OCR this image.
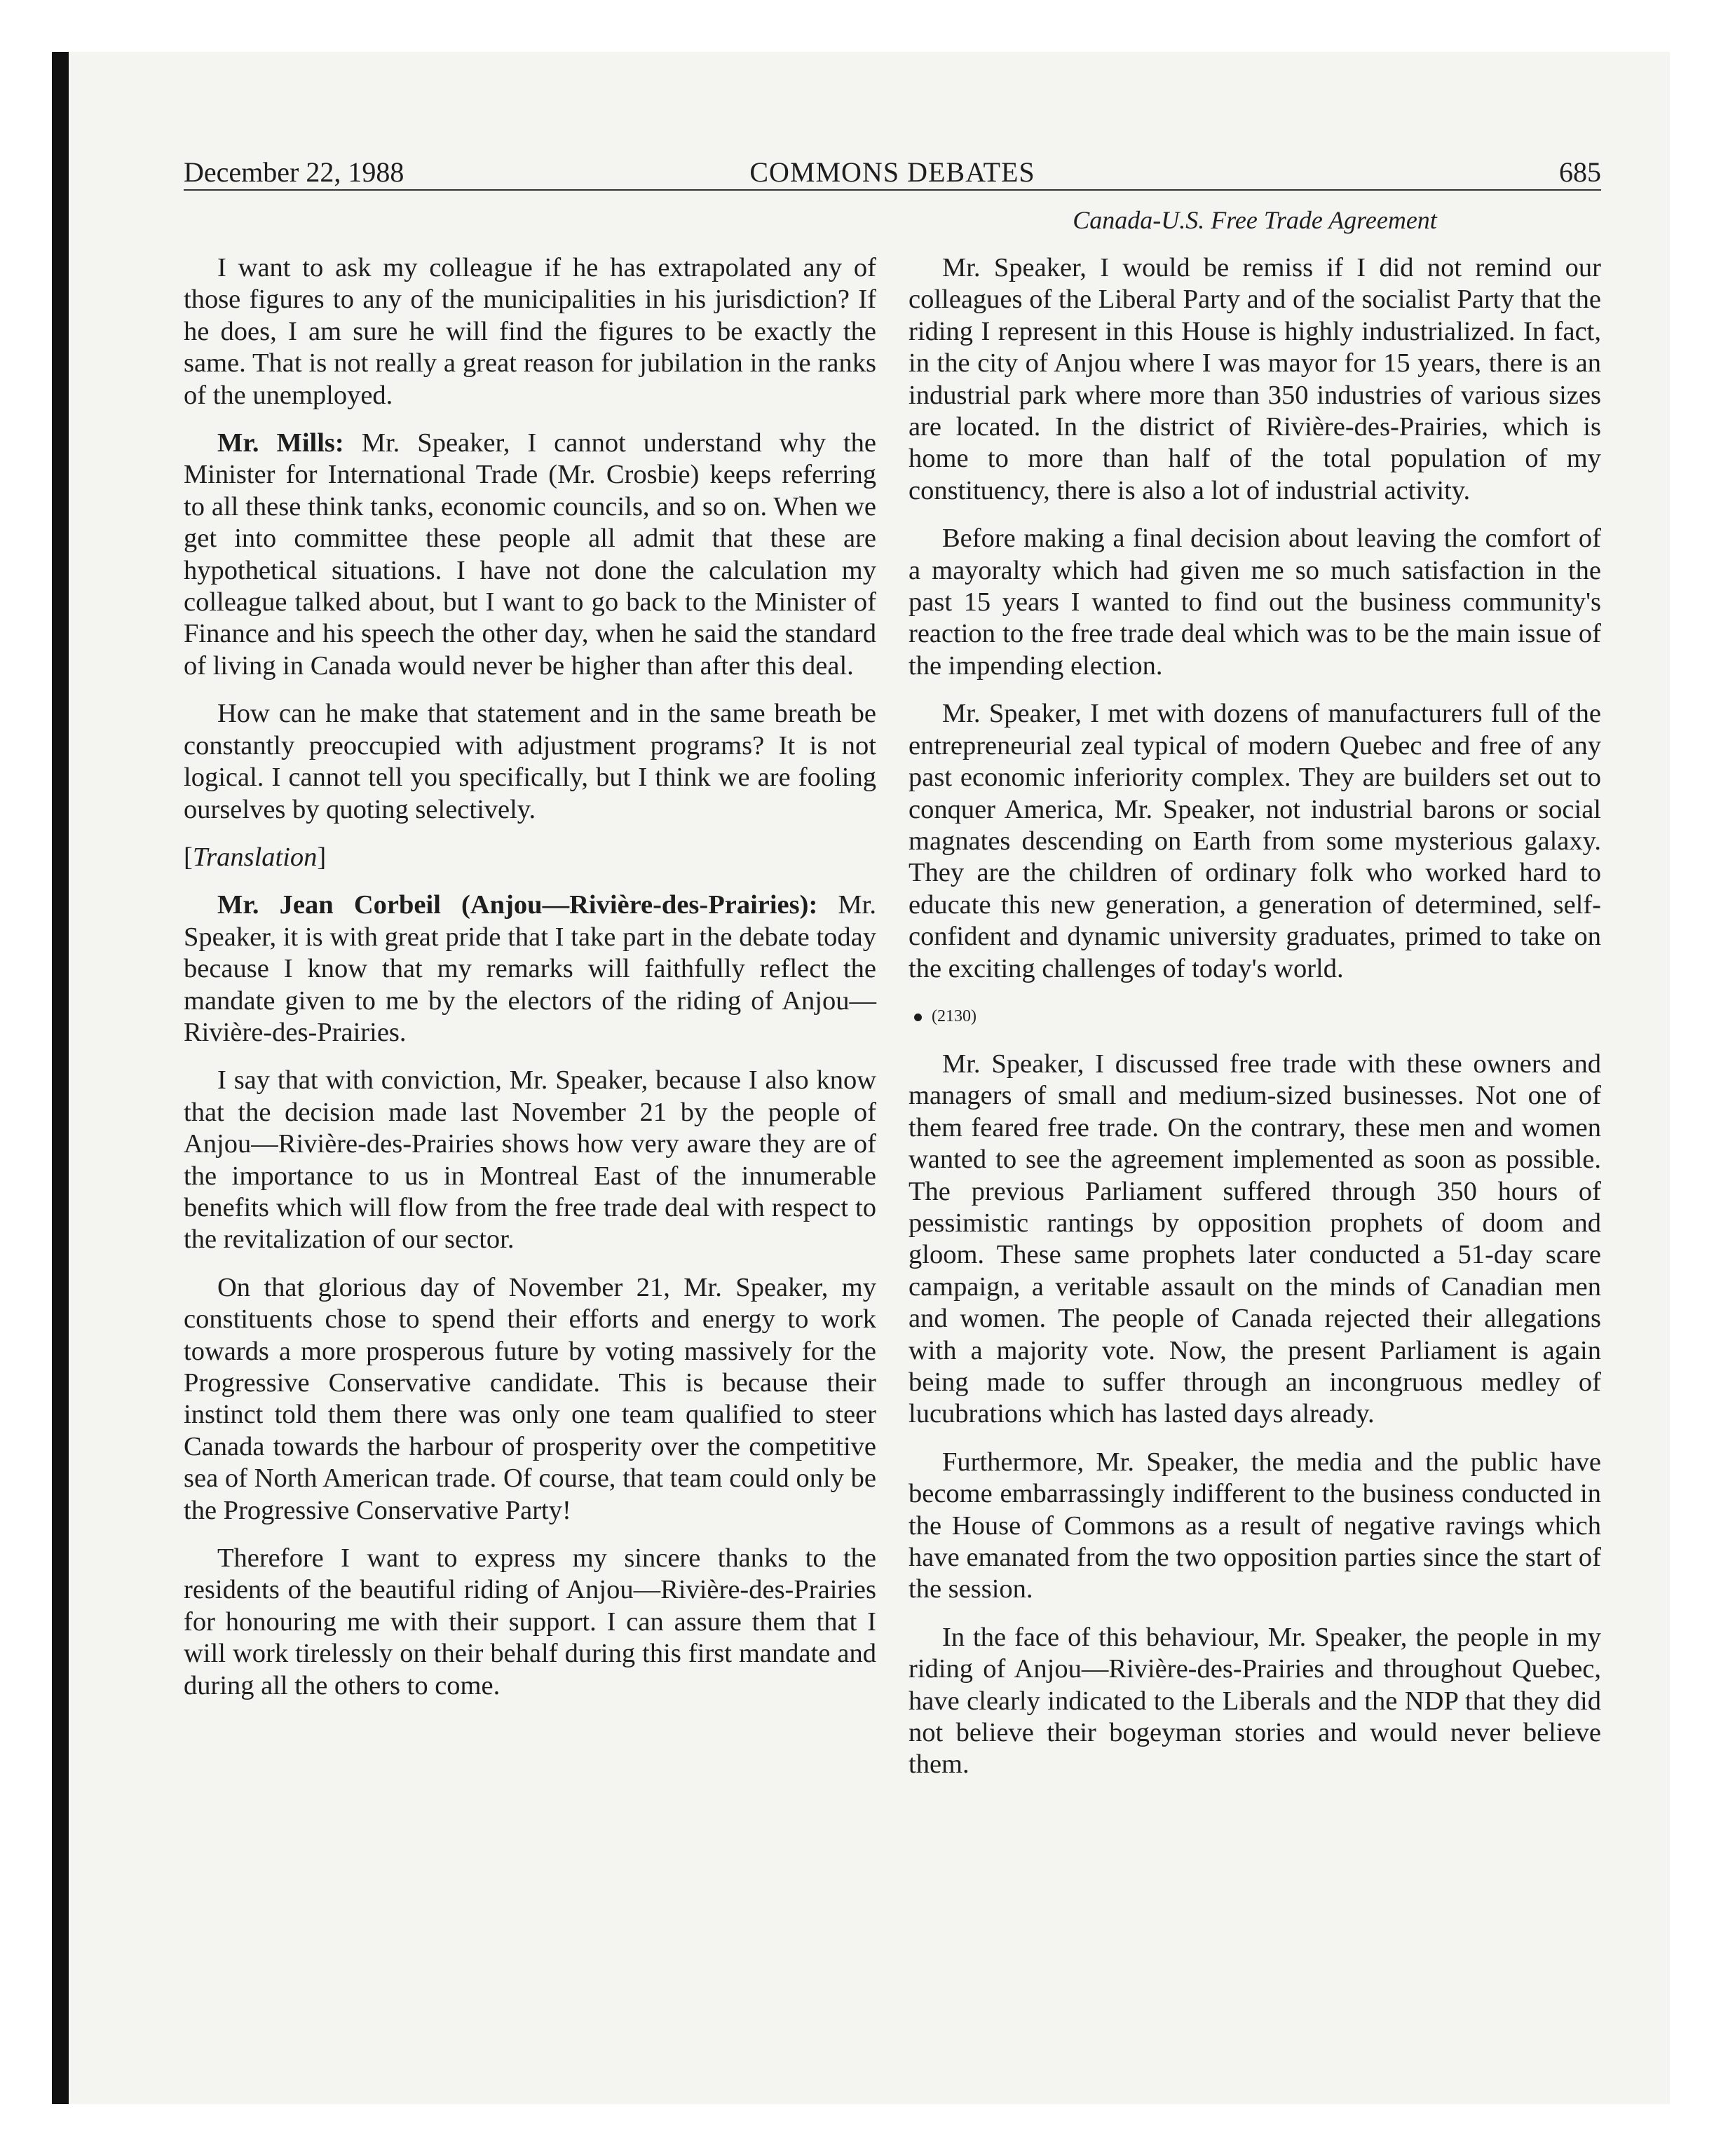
December 22, 1988	COMMONS DEBATES	685
Canada-U.S. Free Trade Agreement

I want to ask my colleague if he has extrapolated any of those figures to any of the municipalities in his jurisdiction? If he does, I am sure he will find the figures to be exactly the same. That is not really a great reason for jubilation in the ranks of the unemployed.

Mr. Mills: Mr. Speaker, I cannot understand why the Minister for International Trade (Mr. Crosbie) keeps referring to all these think tanks, economic councils, and so on. When we get into committee these people all admit that these are hypothetical situations. I have not done the calculation my colleague talked about, but I want to go back to the Minister of Finance and his speech the other day, when he said the standard of living in Canada would never be higher than after this deal.

How can he make that statement and in the same breath be constantly preoccupied with adjustment programs? It is not logical. I cannot tell you specifically, but I think we are fooling ourselves by quoting selectively.

[Translation]

Mr. Jean Corbeil (Anjou—Rivière-des-Prairies): Mr. Speaker, it is with great pride that I take part in the debate today because I know that my remarks will faithfully reflect the mandate given to me by the electors of the riding of Anjou—Rivière-des-Prairies.

I say that with conviction, Mr. Speaker, because I also know that the decision made last November 21 by the people of Anjou—Rivière-des-Prairies shows how very aware they are of the importance to us in Montreal East of the innumerable benefits which will flow from the free trade deal with respect to the revitalization of our sector.

On that glorious day of November 21, Mr. Speaker, my constituents chose to spend their efforts and energy to work towards a more prosperous future by voting massively for the Progressive Conservative candidate. This is because their instinct told them there was only one team qualified to steer Canada towards the harbour of prosperity over the competitive sea of North American trade. Of course, that team could only be the Progressive Conservative Party!

Therefore I want to express my sincere thanks to the residents of the beautiful riding of Anjou—Rivière-des-Prairies for honouring me with their support. I can assure them that I will work tirelessly on their behalf during this first mandate and during all the others to come.

Mr. Speaker, I would be remiss if I did not remind our colleagues of the Liberal Party and of the socialist Party that the riding I represent in this House is highly industrialized. In fact, in the city of Anjou where I was mayor for 15 years, there is an industrial park where more than 350 industries of various sizes are located. In the district of Rivière-des-Prairies, which is home to more than half of the total population of my constituency, there is also a lot of industrial activity.

Before making a final decision about leaving the comfort of a mayoralty which had given me so much satisfaction in the past 15 years I wanted to find out the business community's reaction to the free trade deal which was to be the main issue of the impending election.

Mr. Speaker, I met with dozens of manufacturers full of the entrepreneurial zeal typical of modern Quebec and free of any past economic inferiority complex. They are builders set out to conquer America, Mr. Speaker, not industrial barons or social magnates descending on Earth from some mysterious galaxy. They are the children of ordinary folk who worked hard to educate this new generation, a generation of determined, self-confident and dynamic university graduates, primed to take on the exciting challenges of today's world.

(2130)

Mr. Speaker, I discussed free trade with these owners and managers of small and medium-sized businesses. Not one of them feared free trade. On the contrary, these men and women wanted to see the agreement implemented as soon as possible. The previous Parliament suffered through 350 hours of pessimistic rantings by opposition prophets of doom and gloom. These same prophets later conducted a 51-day scare campaign, a veritable assault on the minds of Canadian men and women. The people of Canada rejected their allegations with a majority vote. Now, the present Parliament is again being made to suffer through an incongruous medley of lucubrations which has lasted days already.

Furthermore, Mr. Speaker, the media and the public have become embarrassingly indifferent to the business conducted in the House of Commons as a result of negative ravings which have emanated from the two opposition parties since the start of the session.

In the face of this behaviour, Mr. Speaker, the people in my riding of Anjou—Rivière-des-Prairies and throughout Quebec, have clearly indicated to the Liberals and the NDP that they did not believe their bogeyman stories and would never believe them.
